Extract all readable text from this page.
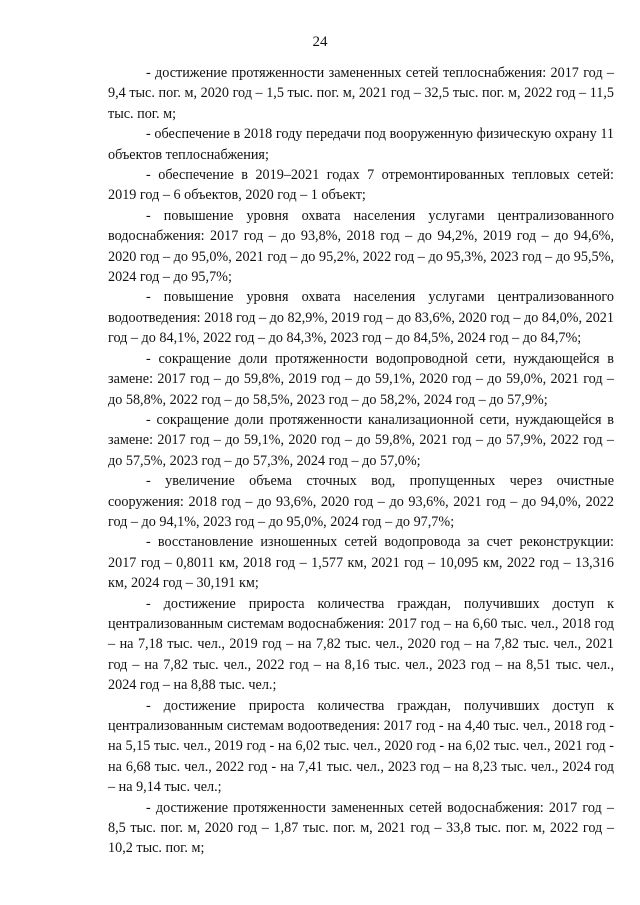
24

- достижение протяженности замененных сетей теплоснабжения: 2017 год – 9,4 тыс. пог. м, 2020 год – 1,5 тыс. пог. м, 2021 год – 32,5 тыс. пог. м, 2022 год – 11,5 тыс. пог. м;

- обеспечение в 2018 году передачи под вооруженную физическую охрану 11 объектов теплоснабжения;

- обеспечение в 2019–2021 годах 7 отремонтированных тепловых сетей: 2019 год – 6 объектов, 2020 год – 1 объект;

- повышение уровня охвата населения услугами централизованного водоснабжения: 2017 год – до 93,8%, 2018 год – до 94,2%, 2019 год – до 94,6%, 2020 год – до 95,0%, 2021 год – до 95,2%, 2022 год – до 95,3%, 2023 год – до 95,5%, 2024 год – до 95,7%;

- повышение уровня охвата населения услугами централизованного водоотведения: 2018 год – до 82,9%, 2019 год – до 83,6%, 2020 год – до 84,0%, 2021 год – до 84,1%, 2022 год – до 84,3%, 2023 год – до 84,5%, 2024 год – до 84,7%;

- сокращение доли протяженности водопроводной сети, нуждающейся в замене: 2017 год – до 59,8%, 2019 год – до 59,1%, 2020 год – до 59,0%, 2021 год – до 58,8%, 2022 год – до 58,5%, 2023 год – до 58,2%, 2024 год – до 57,9%;

- сокращение доли протяженности канализационной сети, нуждающейся в замене: 2017 год – до 59,1%, 2020 год – до 59,8%, 2021 год – до 57,9%, 2022 год – до 57,5%, 2023 год – до 57,3%, 2024 год – до 57,0%;

- увеличение объема сточных вод, пропущенных через очистные сооружения: 2018 год – до 93,6%, 2020 год – до 93,6%, 2021 год – до 94,0%, 2022 год – до 94,1%, 2023 год – до 95,0%, 2024 год – до 97,7%;

- восстановление изношенных сетей водопровода за счет реконструкции: 2017 год – 0,8011 км, 2018 год – 1,577 км, 2021 год – 10,095 км, 2022 год – 13,316 км, 2024 год – 30,191 км;

- достижение прироста количества граждан, получивших доступ к централизованным системам водоснабжения: 2017 год – на 6,60 тыс. чел., 2018 год – на 7,18 тыс. чел., 2019 год – на 7,82 тыс. чел., 2020 год – на 7,82 тыс. чел., 2021 год – на 7,82 тыс. чел., 2022 год – на 8,16 тыс. чел., 2023 год – на 8,51 тыс. чел., 2024 год – на 8,88 тыс. чел.;

- достижение прироста количества граждан, получивших доступ к централизованным системам водоотведения: 2017 год - на 4,40 тыс. чел., 2018 год - на 5,15 тыс. чел., 2019 год - на 6,02 тыс. чел., 2020 год - на 6,02 тыс. чел., 2021 год - на 6,68 тыс. чел., 2022 год - на 7,41 тыс. чел., 2023 год – на 8,23 тыс. чел., 2024 год – на 9,14 тыс. чел.;

- достижение протяженности замененных сетей водоснабжения: 2017 год – 8,5 тыс. пог. м, 2020 год – 1,87 тыс. пог. м, 2021 год – 33,8 тыс. пог. м, 2022 год – 10,2 тыс. пог. м;
